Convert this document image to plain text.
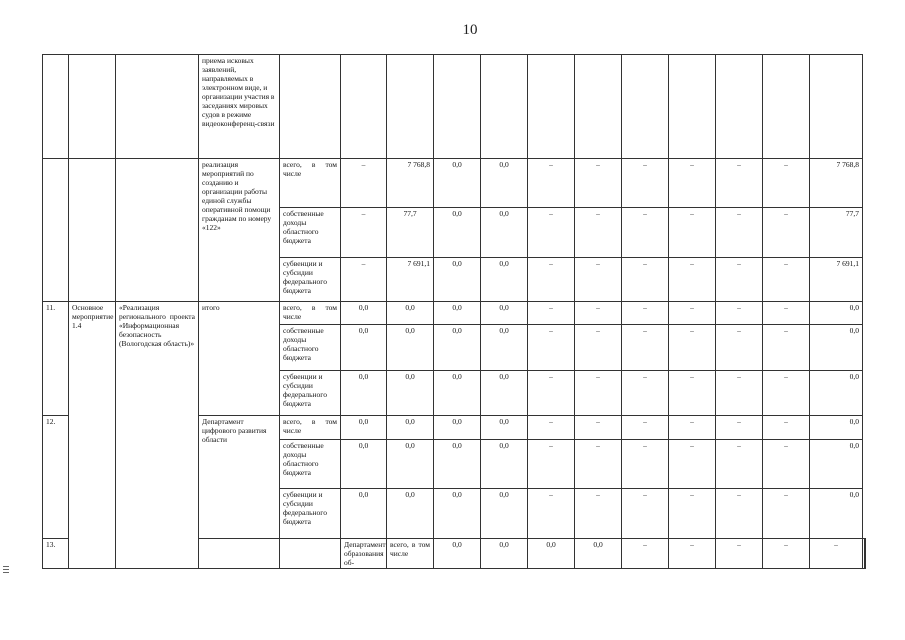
10
			приема исковых заявлений, направляемых в электронном виде, и организации участия в заседаниях мировых судов в режиме видеоконференц-связи														
			реализация мероприятий по созданию и организации работы единой службы оперативной помощи гражданам по номеру «122»	всего, в том числе	–	7 768,8	0,0	0,0	–	–	–	–	–	–	7 768,8		
				собственные доходы областного бюджета	–	77,7	0,0	0,0	–	–	–	–	–	–	77,7		
				субвенции и субсидии федерального бюджета	–	7 691,1	0,0	0,0	–	–	–	–	–	–	7 691,1		
11.	Основное мероприятие 1.4	«Реализация регионального проекта «Информационная безопасность (Вологодская область)»	итого	всего, в том числе	0,0	0,0	0,0	0,0	–	–	–	–	–	–	0,0		
				собственные доходы областного бюджета	0,0	0,0	0,0	0,0	–	–	–	–	–	–	0,0		
				субвенции и субсидии федерального бюджета	0,0	0,0	0,0	0,0	–	–	–	–	–	–	0,0		
12.			Департамент цифрового развития области	всего, в том числе	0,0	0,0	0,0	0,0	–	–	–	–	–	–	0,0		
				собственные доходы областного бюджета	0,0	0,0	0,0	0,0	–	–	–	–	–	–	0,0		
				субвенции и субсидии федерального бюджета	0,0	0,0	0,0	0,0	–	–	–	–	–	–	0,0		
13.					Департамент образования об-	всего, в том числе	0,0	0,0	0,0	0,0	–	–	–	–	–		
